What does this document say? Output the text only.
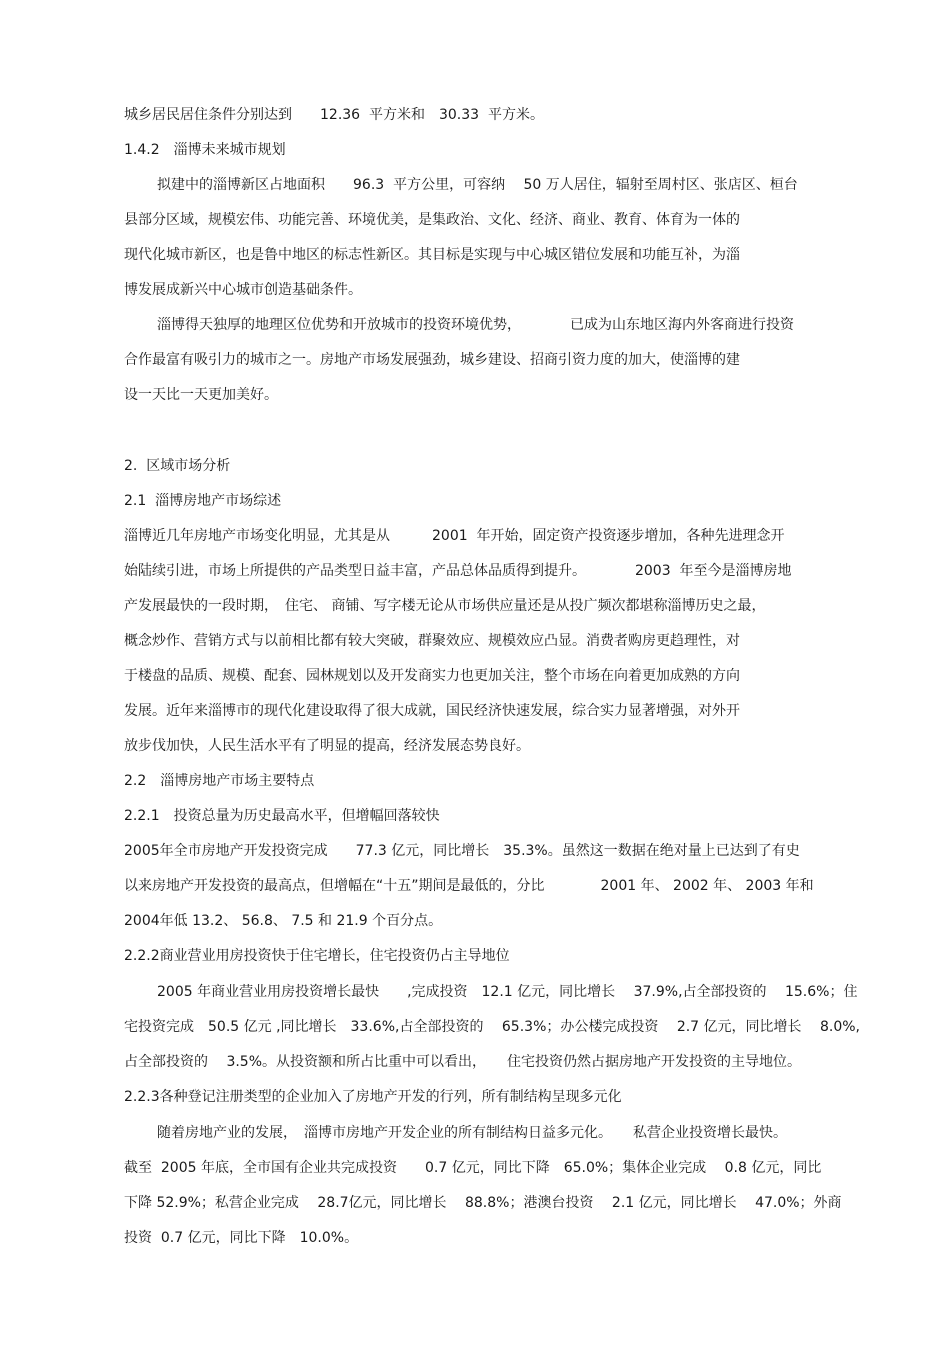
城乡居民居住条件分别达到　　12.36  平方米和　30.33  平方米。
1.4.2　淄博未来城市规划
拟建中的淄博新区占地面积　　96.3  平方公里，可容纳　 50 万人居住，辐射至周村区、张店区、桓台
县部分区域，规模宏伟、功能完善、环境优美，是集政治、文化、经济、商业、教育、体育为一体的
现代化城市新区，也是鲁中地区的标志性新区。其目标是实现与中心城区错位发展和功能互补，为淄
博发展成新兴中心城市创造基础条件。
淄博得天独厚的地理区位优势和开放城市的投资环境优势，　　　　已成为山东地区海内外客商进行投资
合作最富有吸引力的城市之一。房地产市场发展强劲，城乡建设、招商引资力度的加大，使淄博的建
设一天比一天更加美好。
2.  区域市场分析
2.1  淄博房地产市场综述
淄博近几年房地产市场变化明显，尤其是从　　　2001  年开始，固定资产投资逐步增加，各种先进理念开
始陆续引进，市场上所提供的产品类型日益丰富，产品总体品质得到提升。　　　　2003  年至今是淄博房地
产发展最快的一段时期，　住宅、 商铺、写字楼无论从市场供应量还是从投广频次都堪称淄博历史之最，
概念炒作、营销方式与以前相比都有较大突破，群聚效应、规模效应凸显。消费者购房更趋理性，对
于楼盘的品质、规模、配套、园林规划以及开发商实力也更加关注，整个市场在向着更加成熟的方向
发展。近年来淄博市的现代化建设取得了很大成就，国民经济快速发展，综合实力显著增强，对外开
放步伐加快，人民生活水平有了明显的提高，经济发展态势良好。
2.2　淄博房地产市场主要特点
2.2.1　投资总量为历史最高水平，但增幅回落较快
2005年全市房地产开发投资完成　　77.3 亿元，同比增长　35.3%。虽然这一数据在绝对量上已达到了有史
以来房地产开发投资的最高点，但增幅在“十五”期间是最低的，分比　　　　2001 年、 2002 年、 2003 年和
2004年低 13.2、 56.8、 7.5 和 21.9 个百分点。
2.2.2商业营业用房投资快于住宅增长，住宅投资仍占主导地位
2005 年商业营业用房投资增长最快　　,完成投资　12.1 亿元，同比增长　 37.9%,占全部投资的　 15.6%；住
宅投资完成　50.5 亿元 ,同比增长　33.6%,占全部投资的　 65.3%；办公楼完成投资　 2.7 亿元，同比增长　 8.0%,
占全部投资的　 3.5%。从投资额和所占比重中可以看出，　　住宅投资仍然占据房地产开发投资的主导地位。
2.2.3各种登记注册类型的企业加入了房地产开发的行列，所有制结构呈现多元化
随着房地产业的发展，　淄博市房地产开发企业的所有制结构日益多元化。　　私营企业投资增长最快。
截至  2005 年底，全市国有企业共完成投资　　0.7 亿元，同比下降　65.0%；集体企业完成　 0.8 亿元，同比
下降 52.9%；私营企业完成　 28.7亿元，同比增长　 88.8%；港澳台投资　 2.1 亿元，同比增长　 47.0%；外商
投资  0.7 亿元，同比下降　10.0%。
